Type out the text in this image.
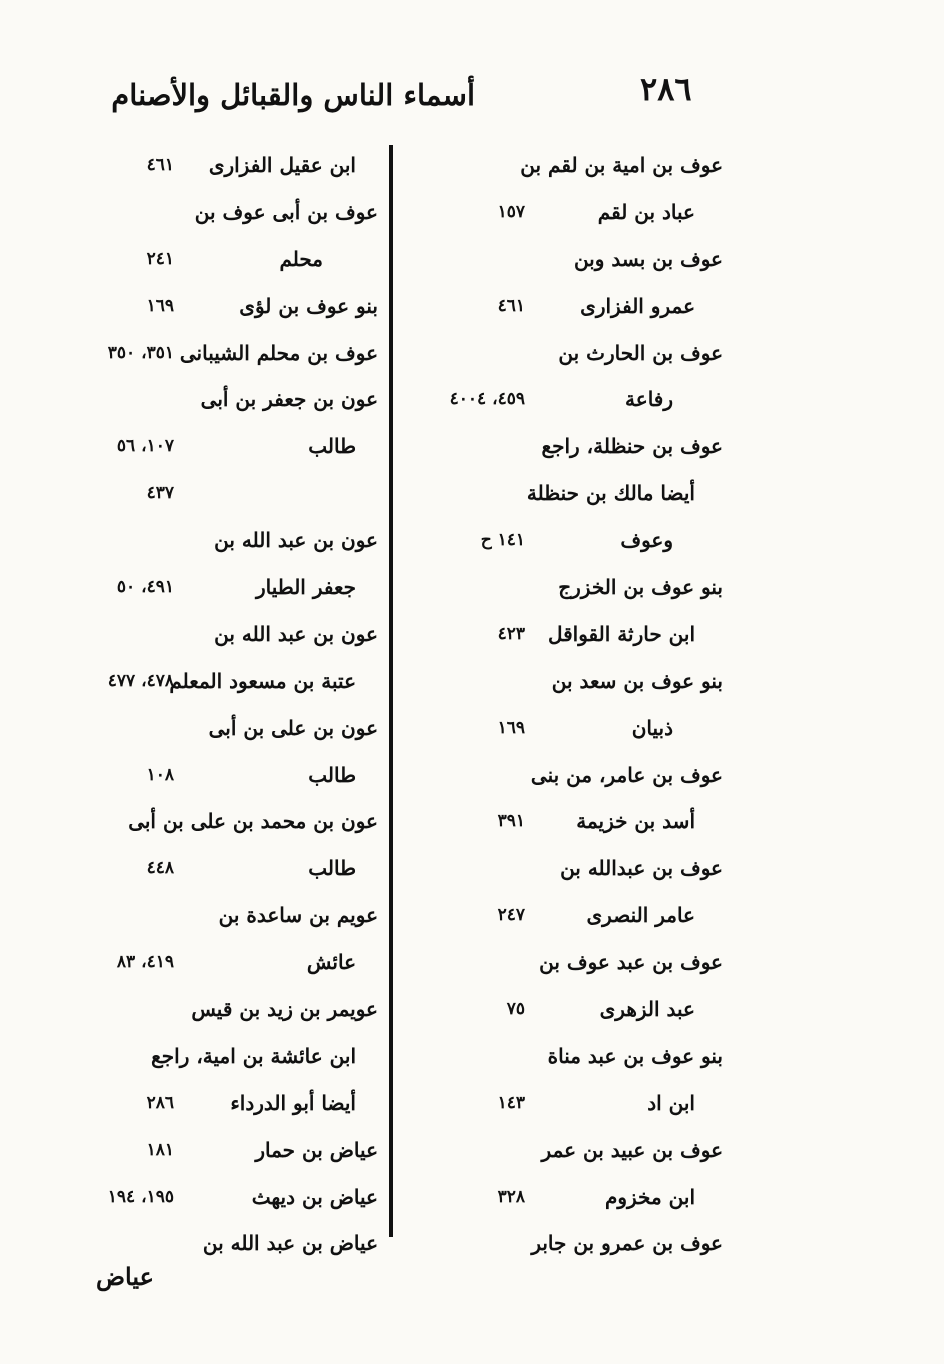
أسماء الناس والقبائل والأصنام	٢٨٦
عوف بن امية بن لقم بن
عباد بن لقم
١٥٧
عوف بن بسد وبن
عمرو الفزارى
٤٦١
عوف بن الحارث بن
رفاعة
٤٥٩، ٤٠٠٤
عوف بن حنظلة، راجع
أيضا مالك بن حنظلة
وعوف
١٤١ ح
بنو عوف بن الخزرج
ابن حارثة القواقل
٤٢٣
بنو عوف بن سعد بن
ذبيان
١٦٩
عوف بن عامر، من بنى
أسد بن خزيمة
٣٩١
عوف بن عبدالله بن
عامر النصرى
٢٤٧
عوف بن عبد عوف بن
عبد الزهرى
٧٥
بنو عوف بن عبد مناة
ابن اد
١٤٣
عوف بن عبيد بن عمر
ابن مخزوم
٣٢٨
عوف بن عمرو بن جابر
ابن عقيل الفزارى
٤٦١
عوف بن أبى عوف بن
محلم
٢٤١
بنو عوف بن لؤى
١٦٩
عوف بن محلم الشيبانى
٣٥١، ٣٥٠
عون بن جعفر بن أبى
طالب
١٠٧، ٥٦
٤٣٧
عون بن عبد الله بن
جعفر الطيار
٤٩١، ٥٠
عون بن عبد الله بن
عتبة بن مسعود المعلم
٤٧٨، ٤٧٧
عون بن على بن أبى
طالب
١٠٨
عون بن محمد بن على بن أبى
طالب
٤٤٨
عويم بن ساعدة بن
عائش
٤١٩، ٨٣
عويمر بن زيد بن قيس
ابن عائشة بن امية، راجع
أيضا أبو الدرداء
٢٨٦
عياض بن حمار
١٨١
عياض بن ديهث
١٩٥، ١٩٤
عياض بن عبد الله بن
عياض
